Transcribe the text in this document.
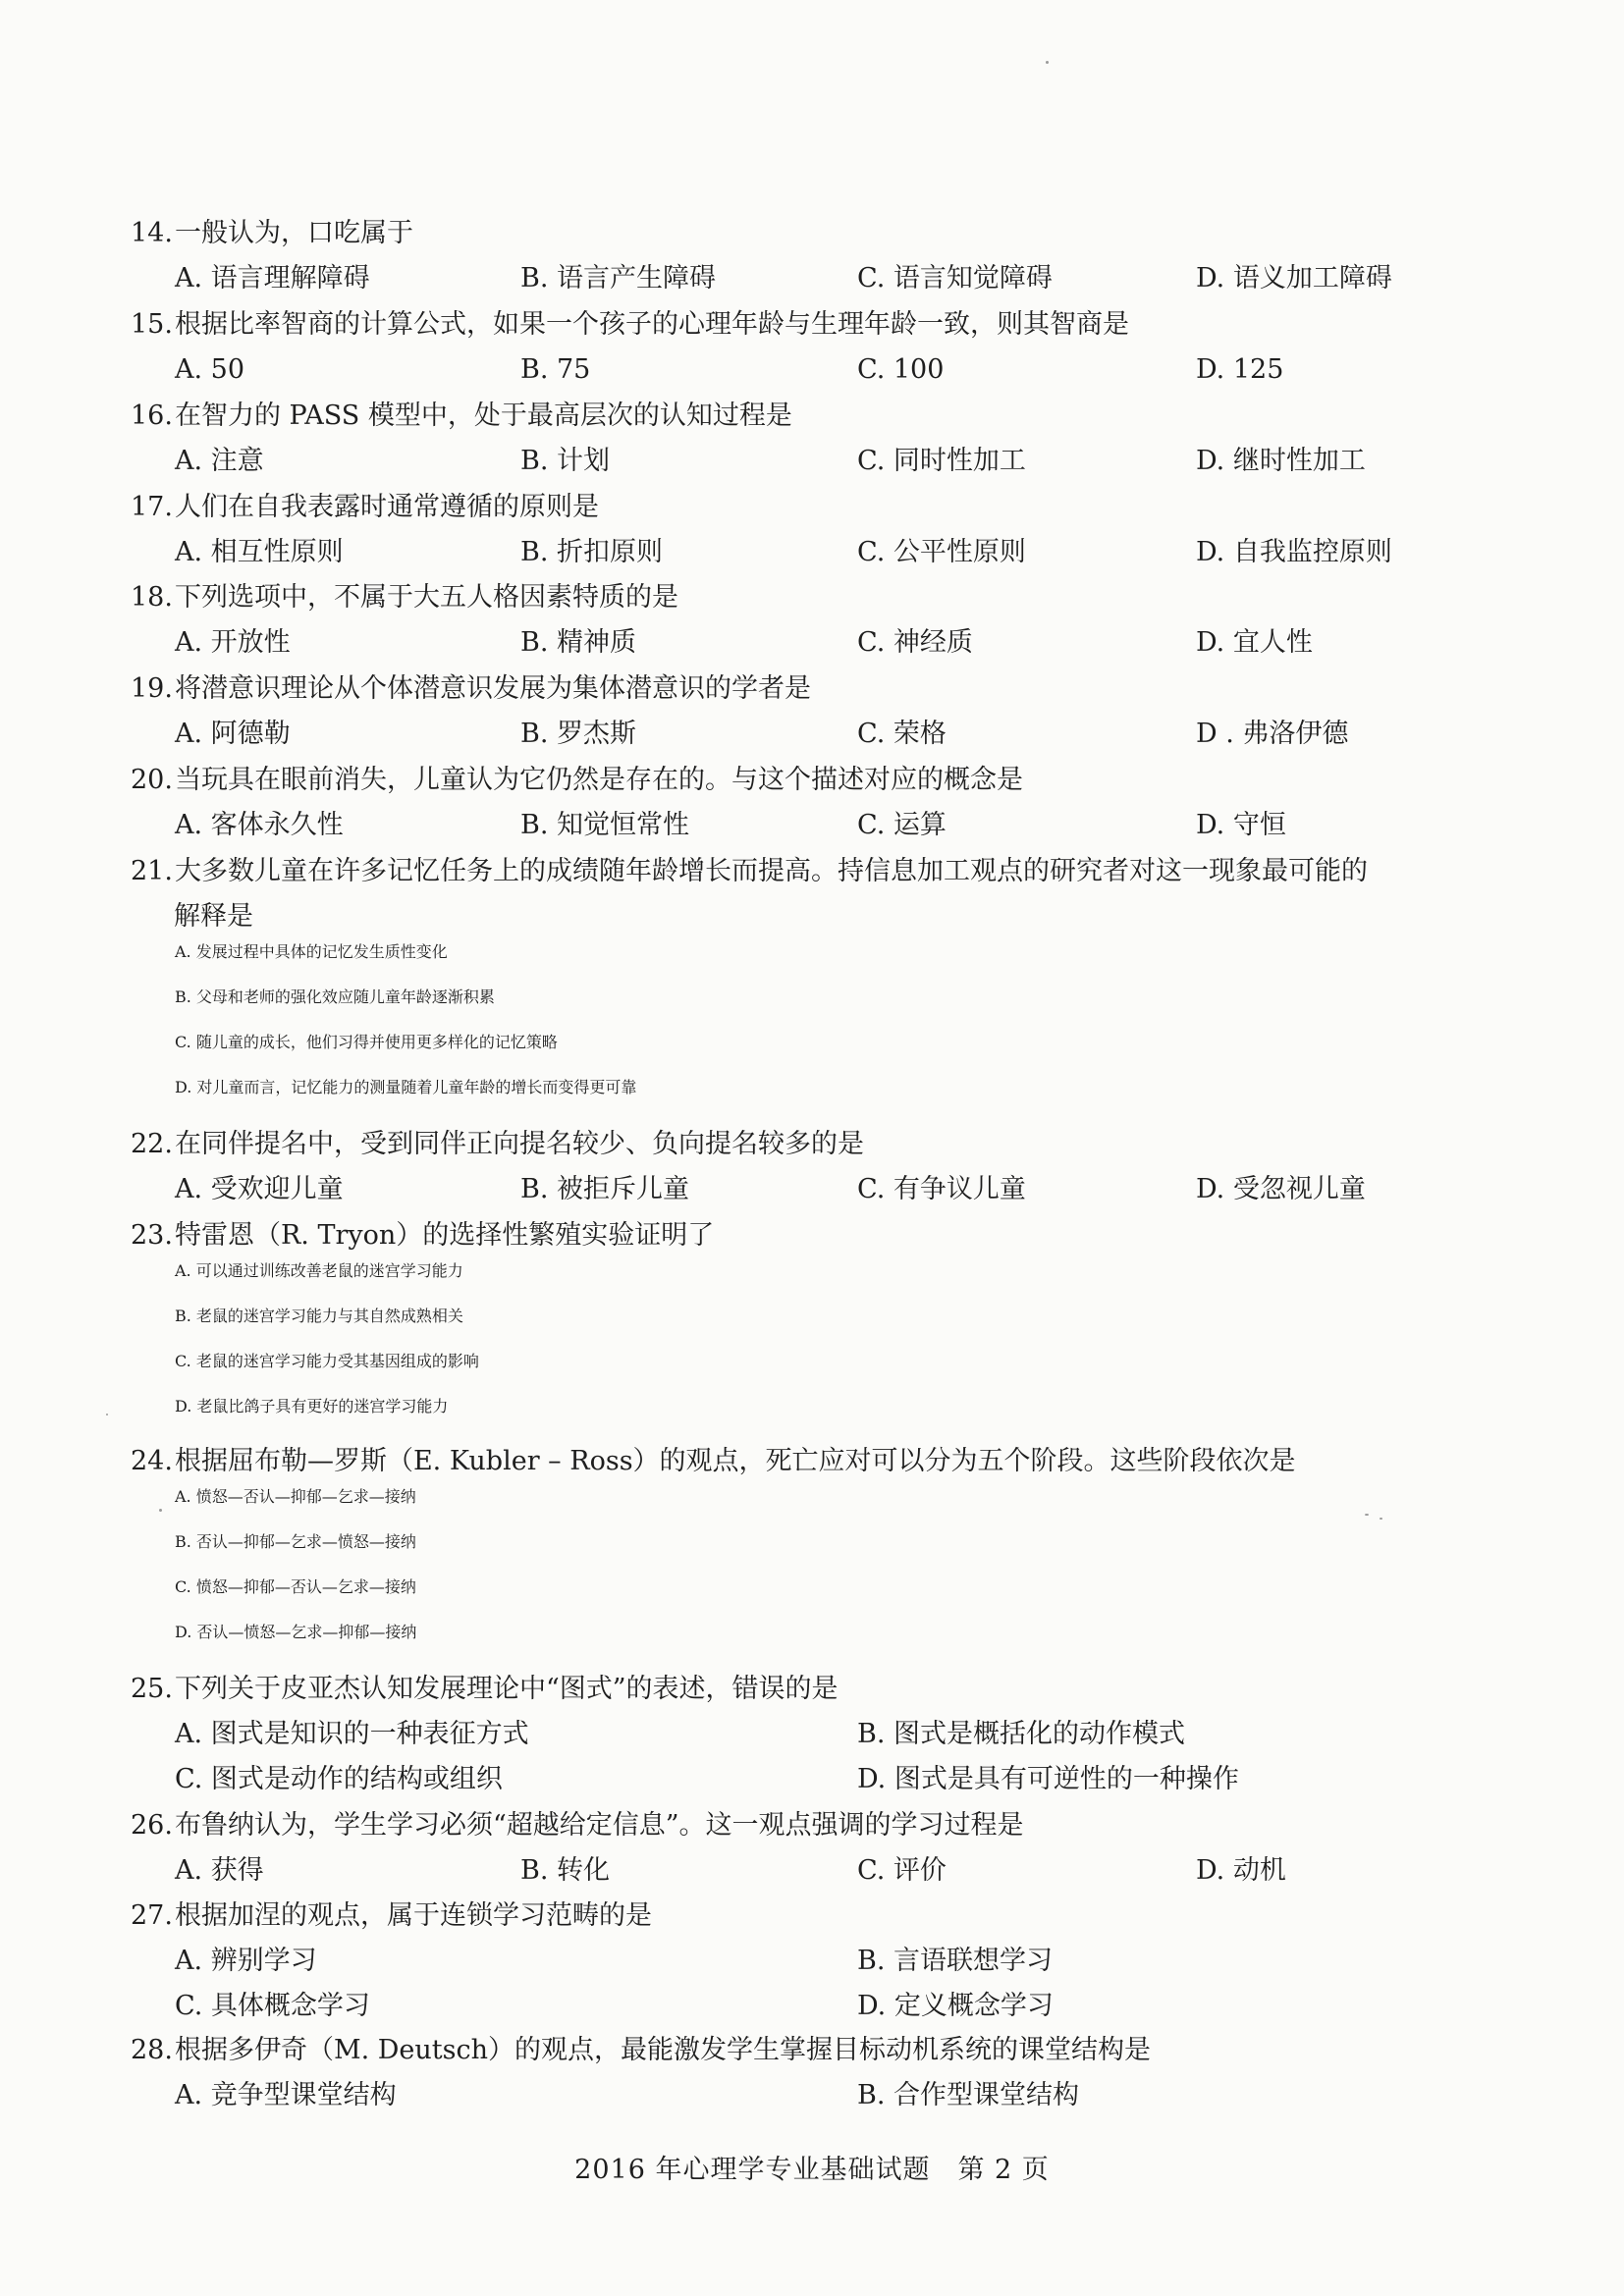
14.一般认为，口吃属于
A. 语言理解障碍	B. 语言产生障碍	C. 语言知觉障碍	D. 语义加工障碍
15.根据比率智商的计算公式，如果一个孩子的心理年龄与生理年龄一致，则其智商是
A. 50	B. 75	C. 100	D. 125
16.在智力的 PASS 模型中，处于最高层次的认知过程是
A. 注意	B. 计划	C. 同时性加工	D. 继时性加工
17.人们在自我表露时通常遵循的原则是
A. 相互性原则	B. 折扣原则	C. 公平性原则	D. 自我监控原则
18.下列选项中，不属于大五人格因素特质的是
A. 开放性	B. 精神质	C. 神经质	D. 宜人性
19.将潜意识理论从个体潜意识发展为集体潜意识的学者是
A. 阿德勒	B. 罗杰斯	C. 荣格	D . 弗洛伊德
20.当玩具在眼前消失，儿童认为它仍然是存在的。与这个描述对应的概念是
A. 客体永久性	B. 知觉恒常性	C. 运算	D. 守恒
21.大多数儿童在许多记忆任务上的成绩随年龄增长而提高。持信息加工观点的研究者对这一现象最可能的
解释是
A. 发展过程中具体的记忆发生质性变化
B. 父母和老师的强化效应随儿童年龄逐渐积累
C. 随儿童的成长，他们习得并使用更多样化的记忆策略
D. 对儿童而言，记忆能力的测量随着儿童年龄的增长而变得更可靠
22.在同伴提名中，受到同伴正向提名较少、负向提名较多的是
A. 受欢迎儿童	B. 被拒斥儿童	C. 有争议儿童	D. 受忽视儿童
23.特雷恩（R. Tryon）的选择性繁殖实验证明了
A. 可以通过训练改善老鼠的迷宫学习能力
B. 老鼠的迷宫学习能力与其自然成熟相关
C. 老鼠的迷宫学习能力受其基因组成的影响
D. 老鼠比鸽子具有更好的迷宫学习能力
24.根据屈布勒—罗斯（E. Kubler – Ross）的观点，死亡应对可以分为五个阶段。这些阶段依次是
A. 愤怒—否认—抑郁—乞求—接纳
B. 否认—抑郁—乞求—愤怒—接纳
C. 愤怒—抑郁—否认—乞求—接纳
D. 否认—愤怒—乞求—抑郁—接纳
25.下列关于皮亚杰认知发展理论中“图式”的表述，错误的是
A. 图式是知识的一种表征方式	B. 图式是概括化的动作模式
C. 图式是动作的结构或组织	D. 图式是具有可逆性的一种操作
26.布鲁纳认为，学生学习必须“超越给定信息”。这一观点强调的学习过程是
A. 获得	B. 转化	C. 评价	D. 动机
27.根据加涅的观点，属于连锁学习范畴的是
A. 辨别学习	B. 言语联想学习
C. 具体概念学习	D. 定义概念学习
28.根据多伊奇（M. Deutsch）的观点，最能激发学生掌握目标动机系统的课堂结构是
A. 竞争型课堂结构	B. 合作型课堂结构
2016 年心理学专业基础试题　第 2 页
